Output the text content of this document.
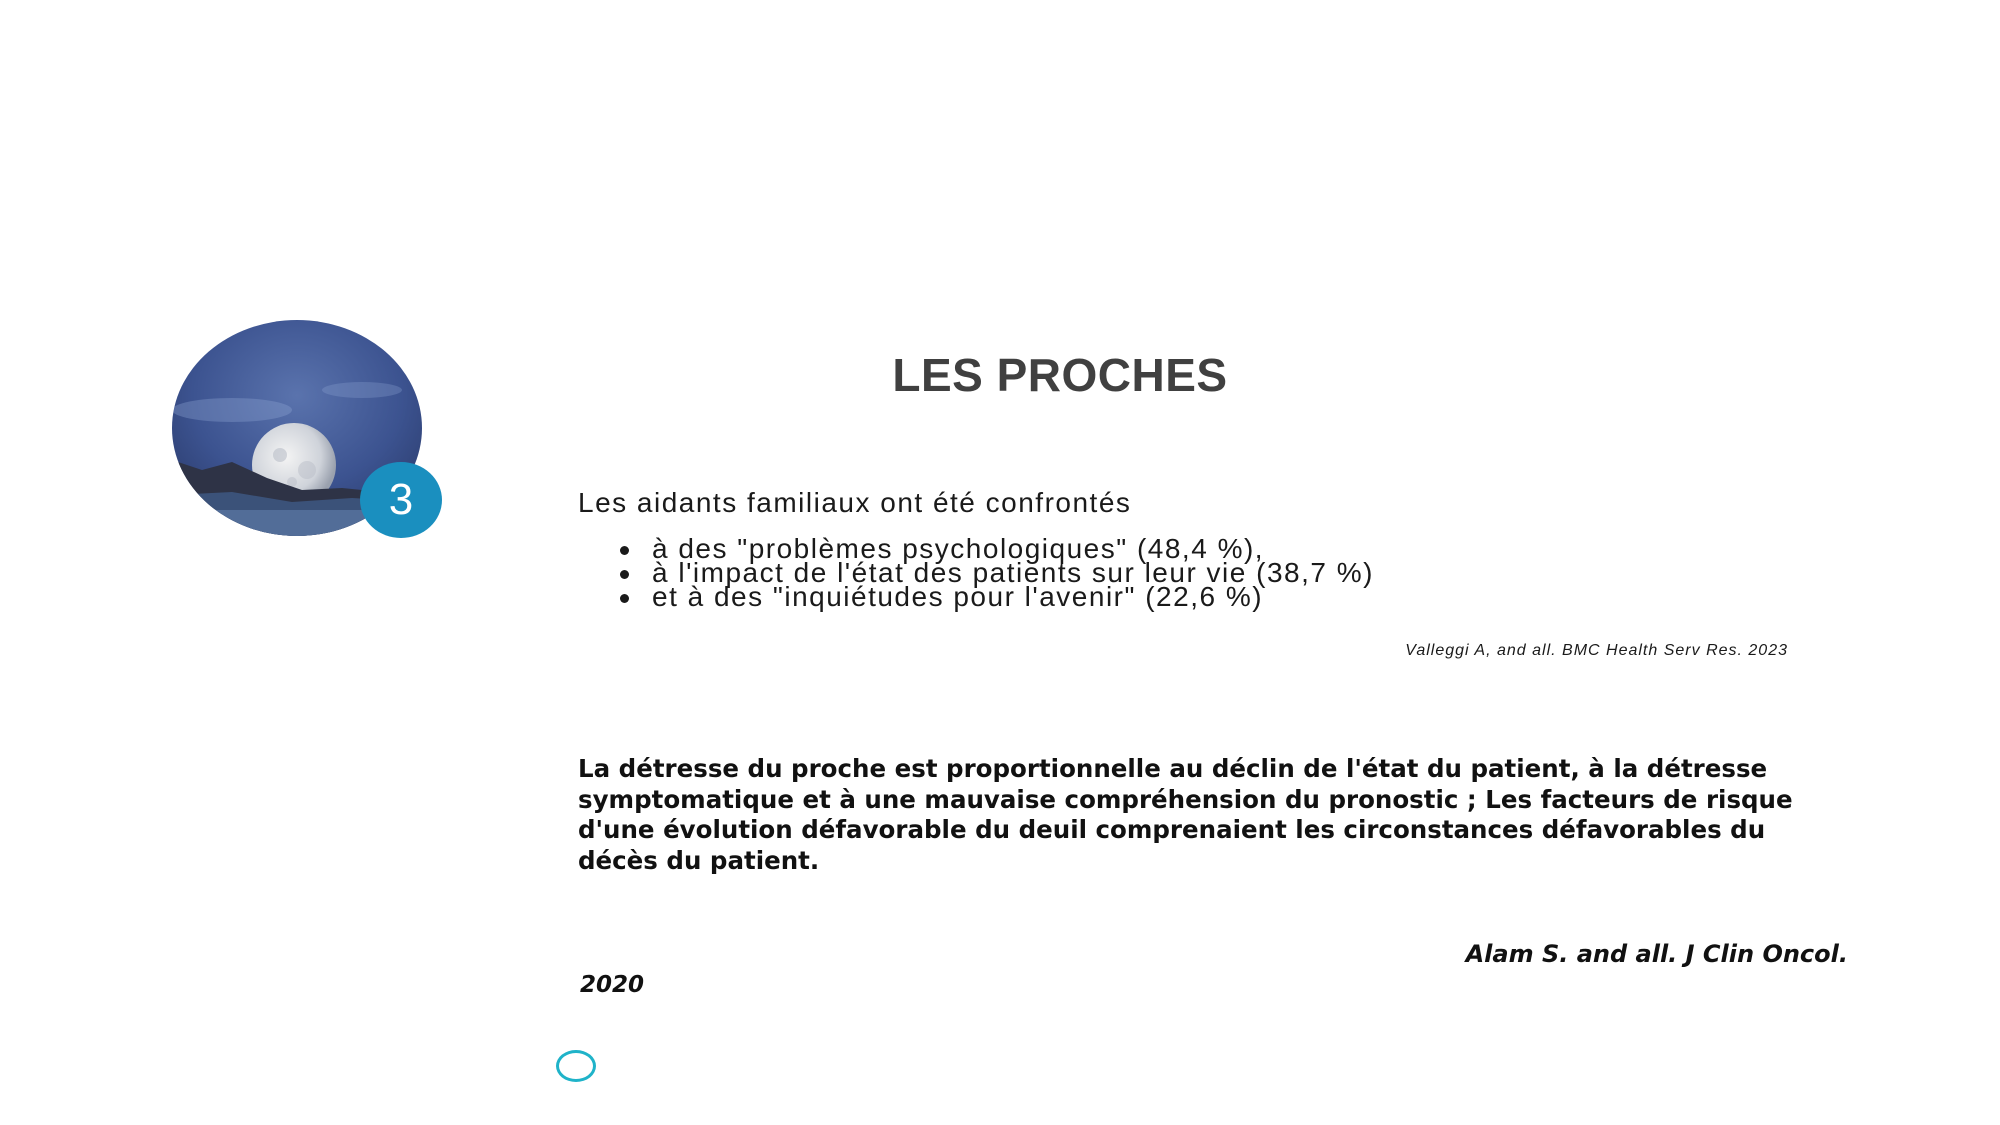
3
LES PROCHES
Les aidants familiaux ont été confrontés
à des "problèmes psychologiques" (48,4 %),
à l'impact de l'état des patients sur leur vie (38,7 %)
et à des "inquiétudes pour l'avenir" (22,6 %)
Valleggi A, and all. BMC Health Serv Res. 2023
La détresse du proche est proportionnelle au déclin de l'état du patient, à la détresse symptomatique et à une mauvaise compréhension du pronostic ; Les facteurs de risque d'une évolution défavorable du deuil comprenaient les circonstances défavorables du décès du patient.
Alam S. and all. J Clin Oncol.
2020
